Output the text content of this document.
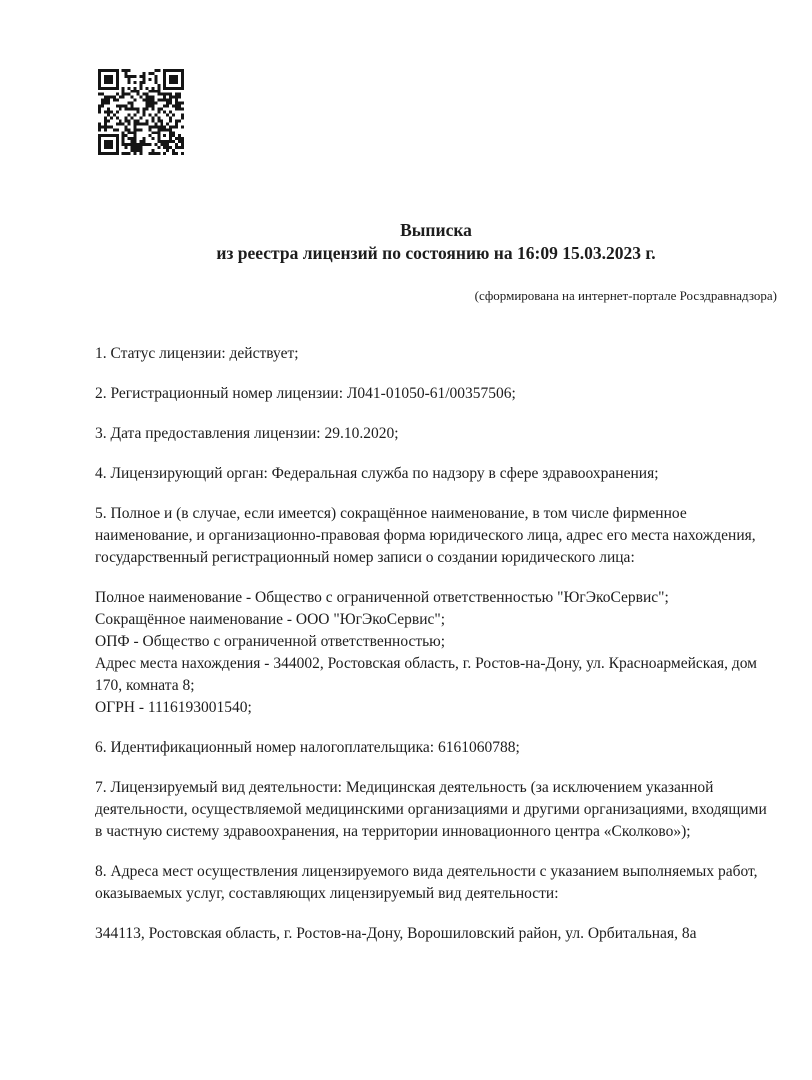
Выписка
из реестра лицензий по состоянию на 16:09 15.03.2023 г.
(сформирована на интернет-портале Росздравнадзора)
1. Статус лицензии: действует;
2. Регистрационный номер лицензии: Л041-01050-61/00357506;
3. Дата предоставления лицензии: 29.10.2020;
4. Лицензирующий орган: Федеральная служба по надзору в сфере здравоохранения;
5. Полное и (в случае, если имеется) сокращённое наименование, в том числе фирменное наименование, и организационно-правовая форма юридического лица, адрес его места нахождения, государственный регистрационный номер записи о создании юридического лица:
Полное наименование - Общество с ограниченной ответственностью "ЮгЭкоСервис";
Сокращённое наименование - ООО "ЮгЭкоСервис";
ОПФ - Общество с ограниченной ответственностью;
Адрес места нахождения - 344002, Ростовская область, г. Ростов-на-Дону, ул. Красноармейская, дом 170, комната 8;
ОГРН - 1116193001540;
6. Идентификационный номер налогоплательщика: 6161060788;
7. Лицензируемый вид деятельности: Медицинская деятельность (за исключением указанной деятельности, осуществляемой медицинскими организациями и другими организациями, входящими в частную систему здравоохранения, на территории инновационного центра «Сколково»);
8. Адреса мест осуществления лицензируемого вида деятельности с указанием выполняемых работ, оказываемых услуг, составляющих лицензируемый вид деятельности:
344113, Ростовская область, г. Ростов-на-Дону, Ворошиловский район, ул. Орбитальная, 8а
